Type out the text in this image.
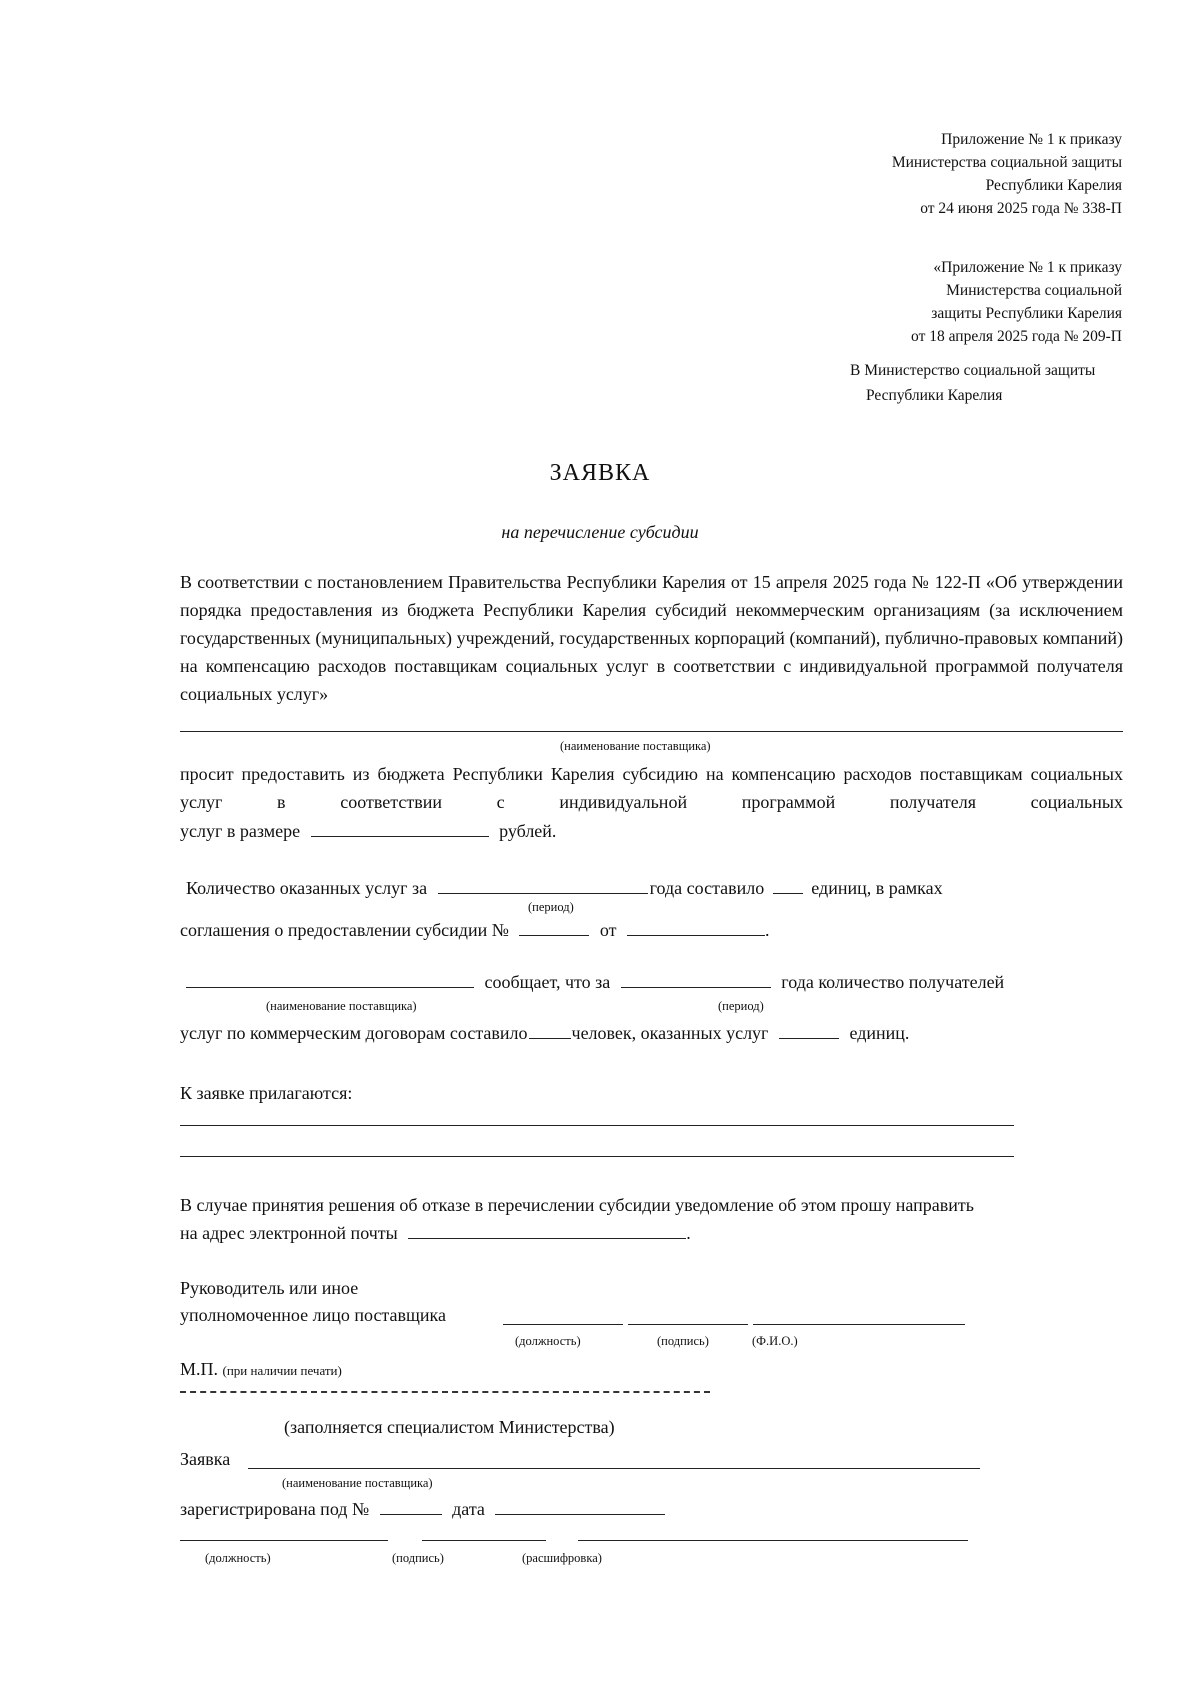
Приложение № 1 к приказу
Министерства социальной защиты
Республики Карелия
от 24 июня 2025 года № 338-П
«Приложение № 1 к приказу
Министерства социальной
защиты Республики Карелия
от 18 апреля 2025 года № 209-П
В Министерство социальной защиты
Республики Карелия
ЗАЯВКА
на перечисление субсидии
В соответствии с постановлением Правительства Республики Карелия от 15 апреля 2025 года № 122-П «Об утверждении порядка предоставления из бюджета Республики Карелия субсидий некоммерческим организациям (за исключением государственных (муниципальных) учреждений, государственных корпораций (компаний), публично-правовых компаний) на компенсацию расходов поставщикам социальных услуг в соответствии с индивидуальной программой получателя социальных услуг»
(наименование поставщика)
просит предоставить из бюджета Республики Карелия субсидию на компенсацию расходов поставщикам социальных услуг в соответствии с индивидуальной программой получателя социальных
услуг в размере	рублей.
Количество оказанных услуг за	года составило	единиц, в рамках
(период)
соглашения о предоставлении субсидии №	от	.
сообщает, что за	года количество получателей
(наименование поставщика)	(период)
услуг по коммерческим договорам составило человек, оказанных услуг	единиц.
К заявке прилагаются:
В случае принятия решения об отказе в перечислении субсидии уведомление об этом прошу направить
на адрес электронной почты	.
Руководитель или иное
уполномоченное лицо поставщика
(должность)	(подпись)	(Ф.И.О.)
М.П. (при наличии печати)
(заполняется специалистом Министерства)
Заявка
(наименование поставщика)
зарегистрирована под №	дата
(должность)	(подпись)	(расшифровка)
